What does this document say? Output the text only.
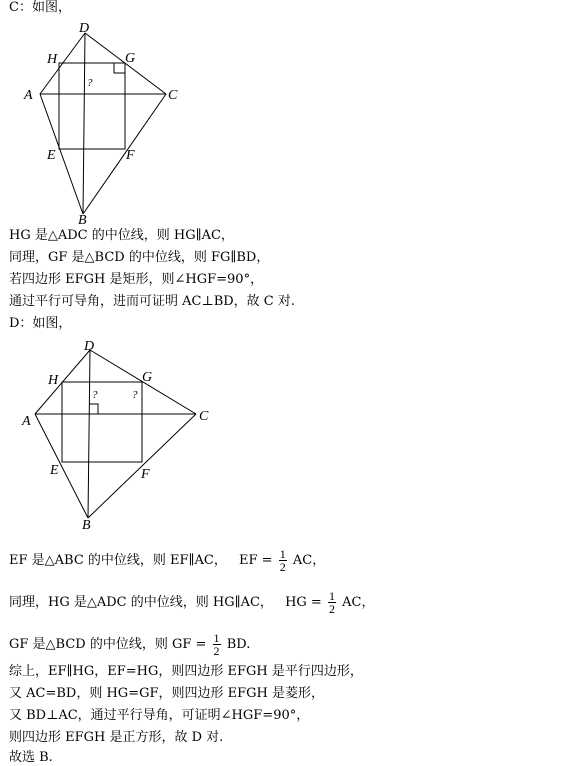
C：如图，
D
H	G
A	C
E	F
B
?
HG 是△ADC 的中位线，则 HG∥AC，
同理，GF 是△BCD 的中位线，则 FG∥BD，
若四边形 EFGH 是矩形，则∠HGF=90°，
通过平行可导角，进而可证明 AC⊥BD，故 C 对.
D：如图，
D
H	G
A	C
E	F
B
?	?
EF 是△ABC 的中位线，则 EF∥AC， EF = $\frac{1}{2}$ AC，
同理，HG 是△ADC 的中位线，则 HG∥AC， HG = $\frac{1}{2}$ AC，
GF 是△BCD 的中位线，则 GF = $\frac{1}{2}$ BD.
综上，EF∥HG，EF=HG，则四边形 EFGH 是平行四边形，
又 AC=BD，则 HG=GF，则四边形 EFGH 是菱形，
又 BD⊥AC，通过平行导角，可证明∠HGF=90°，
则四边形 EFGH 是正方形，故 D 对.
故选 B.
